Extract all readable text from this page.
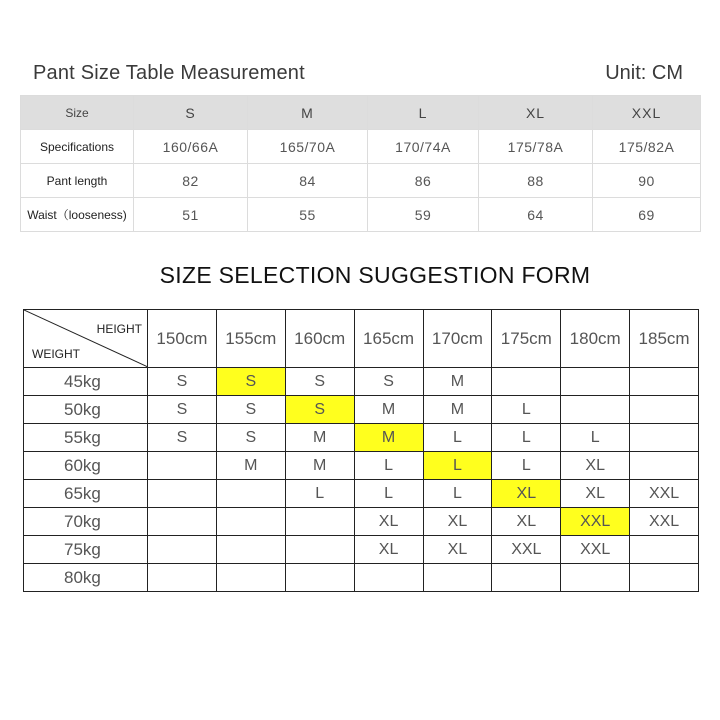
Pant Size Table Measurement	Unit: CM
Size	S	M	L	XL	XXL
Specifications	160/66A	165/70A	170/74A	175/78A	175/82A
Pant length	82	84	86	88	90
Waist（looseness)	51	55	59	64	69
SIZE SELECTION SUGGESTION FORM
HEIGHT
WEIGHT	150cm	155cm	160cm	165cm	170cm	175cm	180cm	185cm
45kg	S	S	S	S	M			
50kg	S	S	S	M	M	L		
55kg	S	S	M	M	L	L	L	
60kg		M	M	L	L	L	XL	
65kg			L	L	L	XL	XL	XXL
70kg				XL	XL	XL	XXL	XXL
75kg				XL	XL	XXL	XXL	
80kg								
